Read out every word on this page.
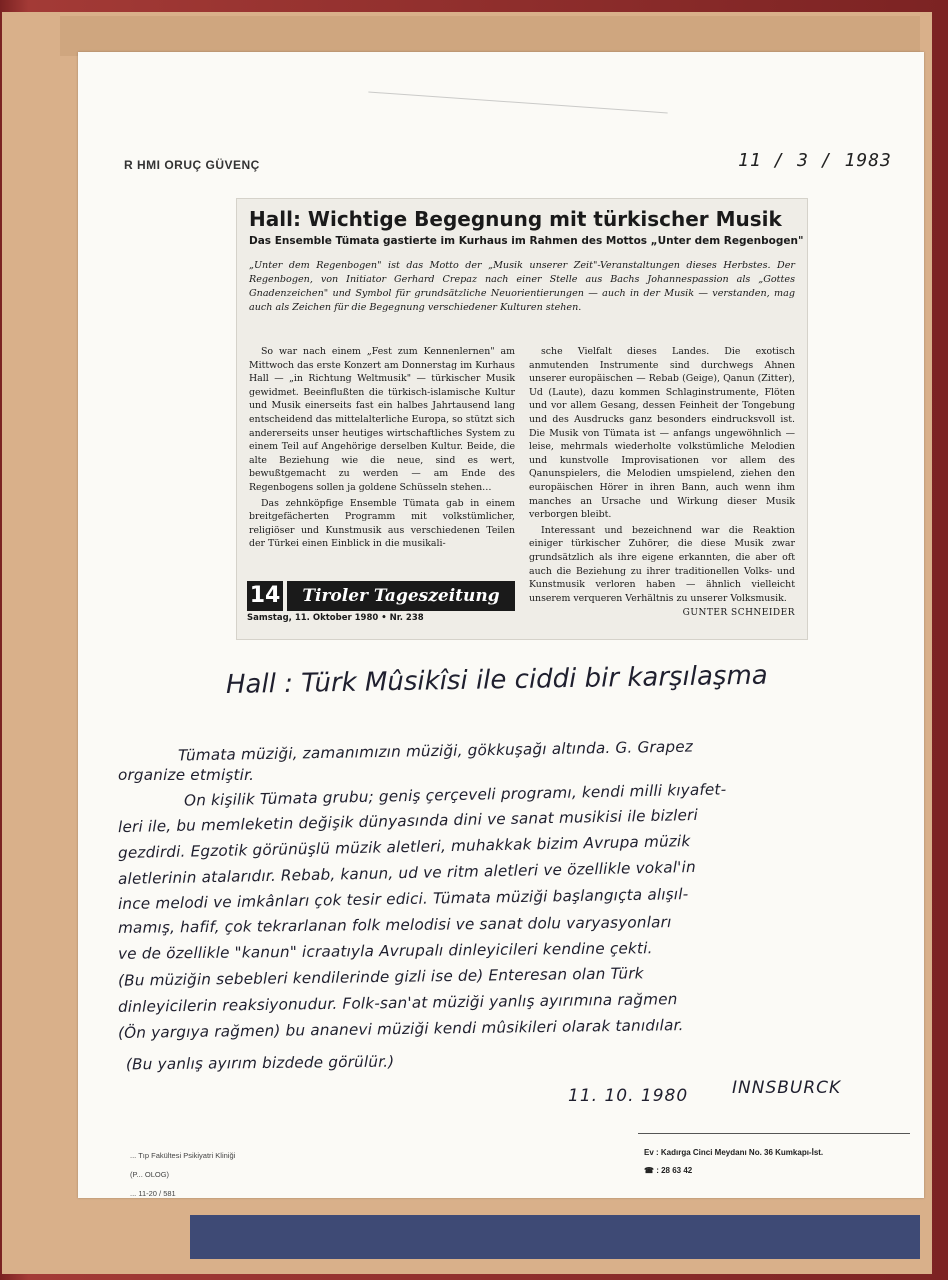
R HMI ORUÇ GÜVENÇ	11 / 3 / 1983
Hall: Wichtige Begegnung mit türkischer Musik
Das Ensemble Tümata gastierte im Kurhaus im Rahmen des Mottos „Unter dem Regenbogen"
„Unter dem Regenbogen" ist das Motto der „Musik unserer Zeit"-Veranstaltungen dieses Herbstes. Der Regenbogen, von Initiator Gerhard Crepaz nach einer Stelle aus Bachs Johannespassion als „Gottes Gnadenzeichen" und Symbol für grundsätzliche Neuorientierungen — auch in der Musik — verstanden, mag auch als Zeichen für die Begegnung verschiedener Kulturen stehen.

So war nach einem „Fest zum Kennenlernen" am Mittwoch das erste Konzert am Donnerstag im Kurhaus Hall — „in Richtung Weltmusik" — türkischer Musik gewidmet. Beeinflußten die türkisch-islamische Kultur und Musik einerseits fast ein halbes Jahrtausend lang entscheidend das mittelalterliche Europa, so stützt sich andererseits unser heutiges wirtschaftliches System zu einem Teil auf Angehörige derselben Kultur. Beide, die alte Beziehung wie die neue, sind es wert, bewußtgemacht zu werden — am Ende des Regenbogens sollen ja goldene Schüsseln stehen…

Das zehnköpfige Ensemble Tümata gab in einem breitgefächerten Programm mit volkstümlicher, religiöser und Kunstmusik aus verschiedenen Teilen der Türkei einen Einblick in die musikali-

sche Vielfalt dieses Landes. Die exotisch anmutenden Instrumente sind durchwegs Ahnen unserer europäischen — Rebab (Geige), Qanun (Zitter), Ud (Laute), dazu kommen Schlaginstrumente, Flöten und vor allem Gesang, dessen Feinheit der Tongebung und des Ausdrucks ganz besonders eindrucksvoll ist. Die Musik von Tümata ist — anfangs ungewöhnlich — leise, mehrmals wiederholte volkstümliche Melodien und kunstvolle Improvisationen vor allem des Qanunspielers, die Melodien umspielend, ziehen den europäischen Hörer in ihren Bann, auch wenn ihm manches an Ursache und Wirkung dieser Musik verborgen bleibt.

Interessant und bezeichnend war die Reaktion einiger türkischer Zuhörer, die diese Musik zwar grundsätzlich als ihre eigene erkannten, die aber oft auch die Beziehung zu ihrer traditionellen Volks- und Kunstmusik verloren haben — ähnlich vielleicht unserem verqueren Verhältnis zu unserer Volksmusik.

GUNTER SCHNEIDER
14	Tiroler Tageszeitung
Samstag, 11. Oktober 1980 • Nr. 238
Hall : Türk Mûsikîsi ile ciddi bir karşılaşma
Tümata müziği, zamanımızın müziği, gökkuşağı altında. G. Grapez
organize etmiştir.
On kişilik Tümata grubu; geniş çerçeveli programı, kendi milli kıyafet-
leri ile, bu memleketin değişik dünyasında dini ve sanat musikisi ile bizleri
gezdirdi. Egzotik görünüşlü müzik aletleri, muhakkak bizim Avrupa müzik
aletlerinin atalarıdır. Rebab, kanun, ud ve ritm aletleri ve özellikle vokal'in
ince melodi ve imkânları çok tesir edici. Tümata müziği başlangıçta alışıl-
mamış, hafif, çok tekrarlanan folk melodisi ve sanat dolu varyasyonları
ve de özellikle "kanun" icraatıyla Avrupalı dinleyicileri kendine çekti.
(Bu müziğin sebebleri kendilerinde gizli ise de) Enteresan olan Türk
dinleyicilerin reaksiyonudur. Folk-san'at müziği yanlış ayırımına rağmen
(Ön yargıya rağmen) bu ananevi müziği kendi mûsikileri olarak tanıdılar.
(Bu yanlış ayırım bizdede görülür.)
11. 10. 1980	INNSBURCK
... Tıp Fakültesi Psikiyatri Kliniği
(P... OLOG)
... 11-20 / 581
Ev : Kadırga Cinci Meydanı No. 36 Kumkapı-İst.
☎ : 28 63 42
